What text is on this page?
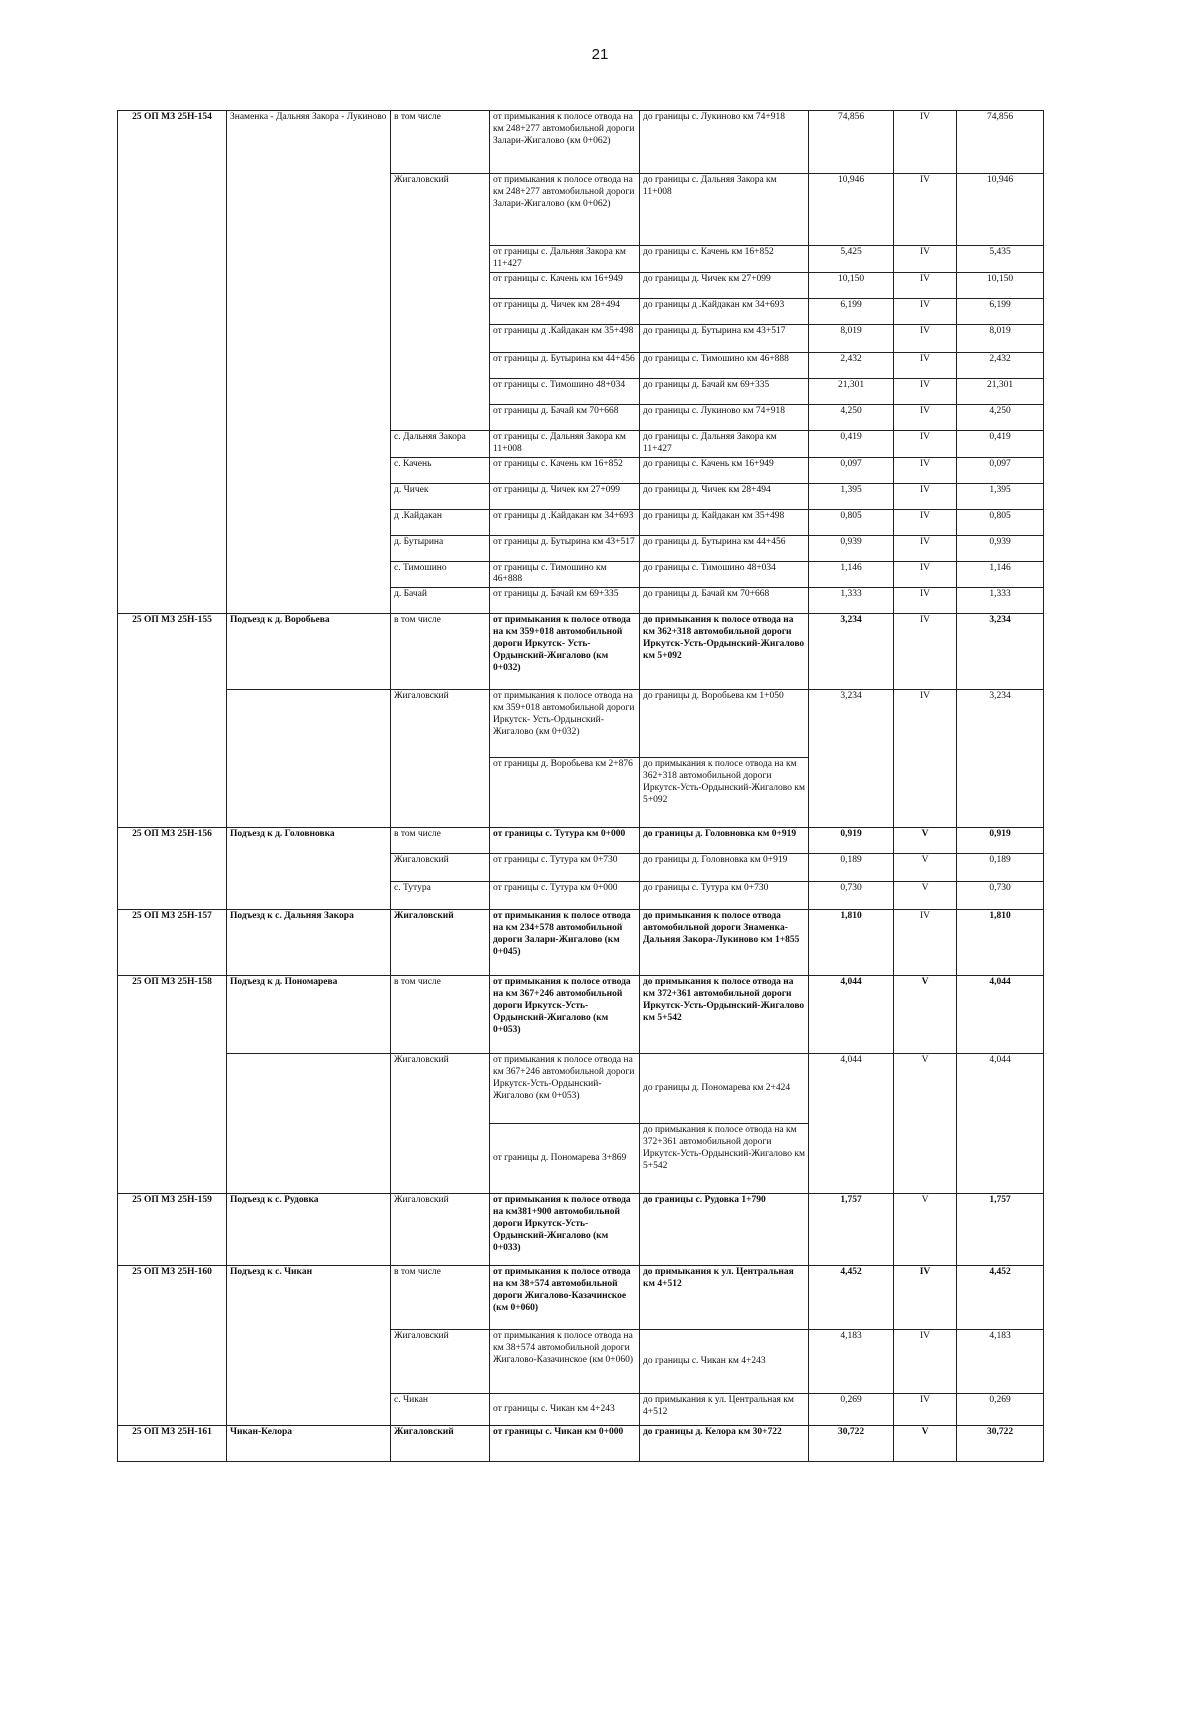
21
25 ОП МЗ 25Н-154	Знаменка - Дальняя Закора - Лукиново	в том числе	от примыкания к полосе отвода на км 248+277 автомобильной дороги Залари-Жигалово (км 0+062)	до границы с. Лукиново км 74+918	74,856	IV	74,856
		Жигаловский	от примыкания к полосе отвода на км 248+277 автомобильной дороги Залари-Жигалово (км 0+062)	до границы с. Дальняя Закора км 11+008	10,946	IV	10,946
			от границы с. Дальняя Закора км 11+427	до границы с. Качень км 16+852	5,425	IV	5,435
			от границы с. Качень км 16+949	до границы д. Чичек км 27+099	10,150	IV	10,150
			от границы д. Чичек км 28+494	до границы д .Кайдакан км 34+693	6,199	IV	6,199
			от границы д .Кайдакан км 35+498	до границы д. Бутырина км 43+517	8,019	IV	8,019
			от границы д. Бутырина км 44+456	до границы с. Тимошино км 46+888	2,432	IV	2,432
			от границы с. Тимошино 48+034	до границы д. Бачай км 69+335	21,301	IV	21,301
			от границы д. Бачай км 70+668	до границы с. Лукиново км 74+918	4,250	IV	4,250
		с. Дальняя Закора	от границы с. Дальняя Закора км 11+008	до границы с. Дальняя Закора км 11+427	0,419	IV	0,419
		с. Качень	от границы с. Качень км 16+852	до границы с. Качень км 16+949	0,097	IV	0,097
		д. Чичек	от границы д. Чичек км 27+099	до границы д. Чичек км 28+494	1,395	IV	1,395
		д .Кайдакан	от границы д .Кайдакан км 34+693	до границы д. Кайдакан км 35+498	0,805	IV	0,805
		д. Бутырина	от границы д. Бутырина км 43+517	до границы д. Бутырина км 44+456	0,939	IV	0,939
		с. Тимошино	от границы с. Тимошино км 46+888	до границы с. Тимошино 48+034	1,146	IV	1,146
		д. Бачай	от границы д. Бачай км 69+335	до границы д. Бачай км 70+668	1,333	IV	1,333
25 ОП МЗ 25Н-155	Подъезд к д. Воробьева	в том числе	от примыкания к полосе отвода на км 359+018 автомобильной дороги Иркутск- Усть-Ордынский-Жигалово (км 0+032)	до примыкания к полосе отвода на км 362+318 автомобильной дороги Иркутск-Усть-Ордынский-Жигалово км 5+092	3,234	IV	3,234
		Жигаловский	от примыкания к полосе отвода на км 359+018 автомобильной дороги Иркутск- Усть-Ордынский-Жигалово (км 0+032)	до границы д. Воробьева км 1+050	3,234	IV	3,234
			от границы д. Воробьева км 2+876	до примыкания к полосе отвода на км 362+318 автомобильной дороги Иркутск-Усть-Ордынский-Жигалово км 5+092			
25 ОП МЗ 25Н-156	Подъезд к д. Головновка	в том числе	от границы с. Тутура км 0+000	до границы д. Головновка км 0+919	0,919	V	0,919
		Жигаловский	от границы с. Тутура км 0+730	до границы д. Головновка км 0+919	0,189	V	0,189
		с. Тутура	от границы с. Тутура км 0+000	до границы с. Тутура км 0+730	0,730	V	0,730
25 ОП МЗ 25Н-157	Подъезд к с. Дальняя Закора	Жигаловский	от примыкания к полосе отвода на км 234+578 автомобильной дороги Залари-Жигалово (км 0+045)	до примыкания к полосе отвода автомобильной дороги Знаменка-Дальняя Закора-Лукиново км 1+855	1,810	IV	1,810
25 ОП МЗ 25Н-158	Подъезд к д. Пономарева	в том числе	от примыкания к полосе отвода на км 367+246 автомобильной дороги Иркутск-Усть-Ордынский-Жигалово (км 0+053)	до примыкания к полосе отвода на км 372+361 автомобильной дороги Иркутск-Усть-Ордынский-Жигалово км 5+542	4,044	V	4,044
		Жигаловский	от примыкания к полосе отвода на км 367+246 автомобильной дороги Иркутск-Усть-Ордынский-Жигалово (км 0+053)	до границы д. Пономарева км 2+424	4,044	V	4,044
			от границы д. Пономарева 3+869	до примыкания к полосе отвода на км 372+361 автомобильной дороги Иркутск-Усть-Ордынский-Жигалово км 5+542			
25 ОП МЗ 25Н-159	Подъезд к с. Рудовка	Жигаловский	от примыкания к полосе отвода на км381+900 автомобильной дороги Иркутск-Усть-Ордынский-Жигалово (км 0+033)	до границы с. Рудовка 1+790	1,757	V	1,757
25 ОП МЗ 25Н-160	Подъезд к с. Чикан	в том числе	от примыкания к полосе отвода на км 38+574 автомобильной дороги Жигалово-Казачинское (км 0+060)	до примыкания к ул. Центральная км 4+512	4,452	IV	4,452
		Жигаловский	от примыкания к полосе отвода на км 38+574 автомобильной дороги Жигалово-Казачинское (км 0+060)	до границы с. Чикан км 4+243	4,183	IV	4,183
		с. Чикан	от границы с. Чикан км 4+243	до примыкания к ул. Центральная км 4+512	0,269	IV	0,269
25 ОП МЗ 25Н-161	Чикан-Келора	Жигаловский	от границы с. Чикан км 0+000	до границы д. Келора км 30+722	30,722	V	30,722
